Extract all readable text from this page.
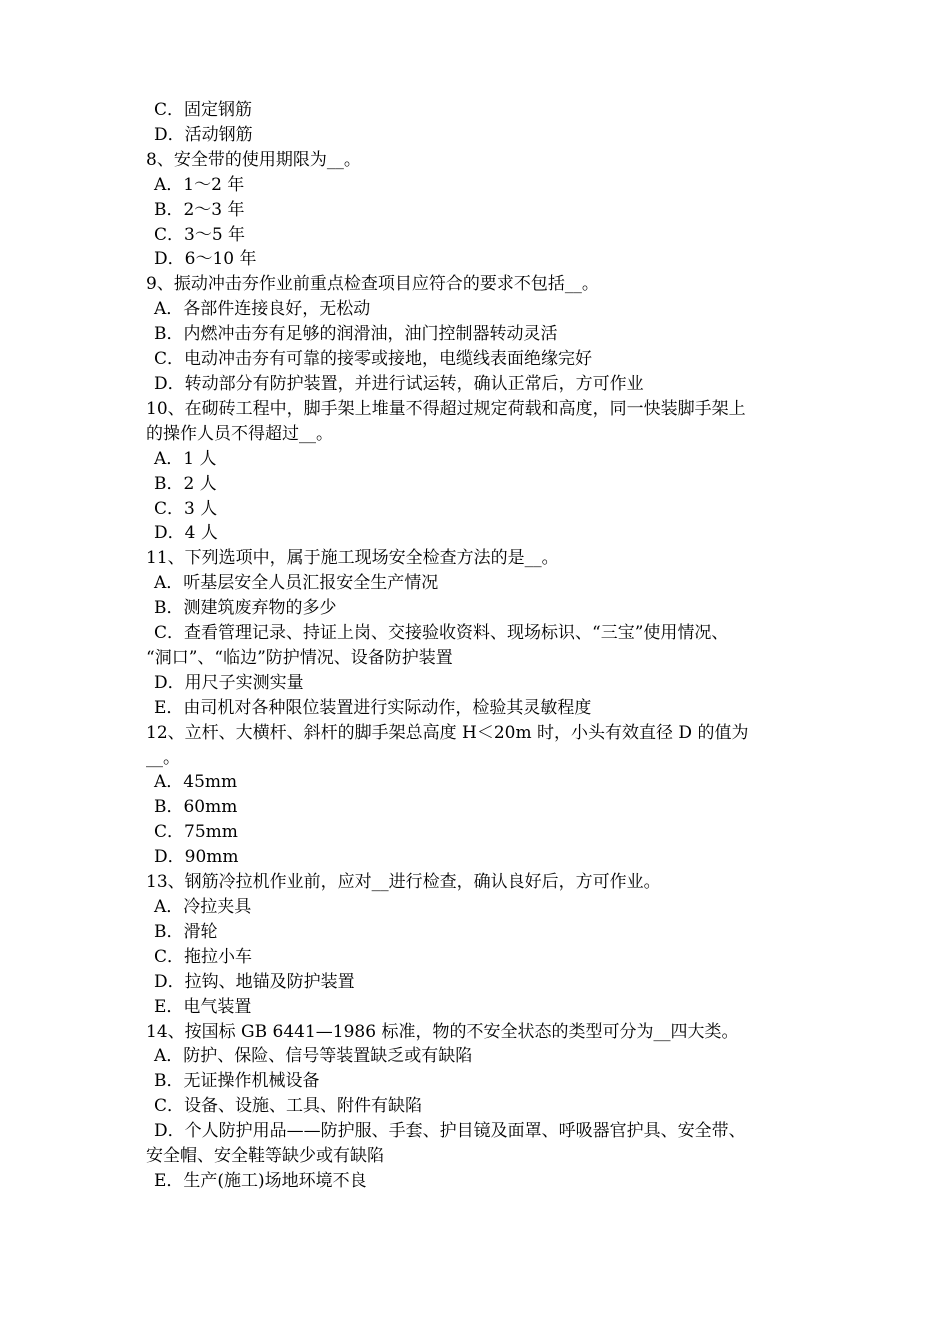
C．固定钢筋
D．活动钢筋
8、安全带的使用期限为__。
A．1～2 年
B．2～3 年
C．3～5 年
D．6～10 年
9、振动冲击夯作业前重点检查项目应符合的要求不包括__。
A．各部件连接良好，无松动
B．内燃冲击夯有足够的润滑油，油门控制器转动灵活
C．电动冲击夯有可靠的接零或接地，电缆线表面绝缘完好
D．转动部分有防护装置，并进行试运转，确认正常后，方可作业
10、在砌砖工程中，脚手架上堆量不得超过规定荷载和高度，同一快装脚手架上
的操作人员不得超过__。
A．1 人
B．2 人
C．3 人
D．4 人
11、下列选项中，属于施工现场安全检查方法的是__。
A．听基层安全人员汇报安全生产情况
B．测建筑废弃物的多少
C．查看管理记录、持证上岗、交接验收资料、现场标识、“三宝”使用情况、
“洞口”、“临边”防护情况、设备防护装置
D．用尺子实测实量
E．由司机对各种限位装置进行实际动作，检验其灵敏程度
12、立杆、大横杆、斜杆的脚手架总高度 H＜20m 时，小头有效直径 D 的值为
__。
A．45mm
B．60mm
C．75mm
D．90mm
13、钢筋冷拉机作业前，应对__进行检查，确认良好后，方可作业。
A．冷拉夹具
B．滑轮
C．拖拉小车
D．拉钩、地锚及防护装置
E．电气装置
14、按国标 GB 6441—1986 标准，物的不安全状态的类型可分为__四大类。
A．防护、保险、信号等装置缺乏或有缺陷
B．无证操作机械设备
C．设备、设施、工具、附件有缺陷
D．个人防护用品——防护服、手套、护目镜及面罩、呼吸器官护具、安全带、
安全帽、安全鞋等缺少或有缺陷
E．生产(施工)场地环境不良
